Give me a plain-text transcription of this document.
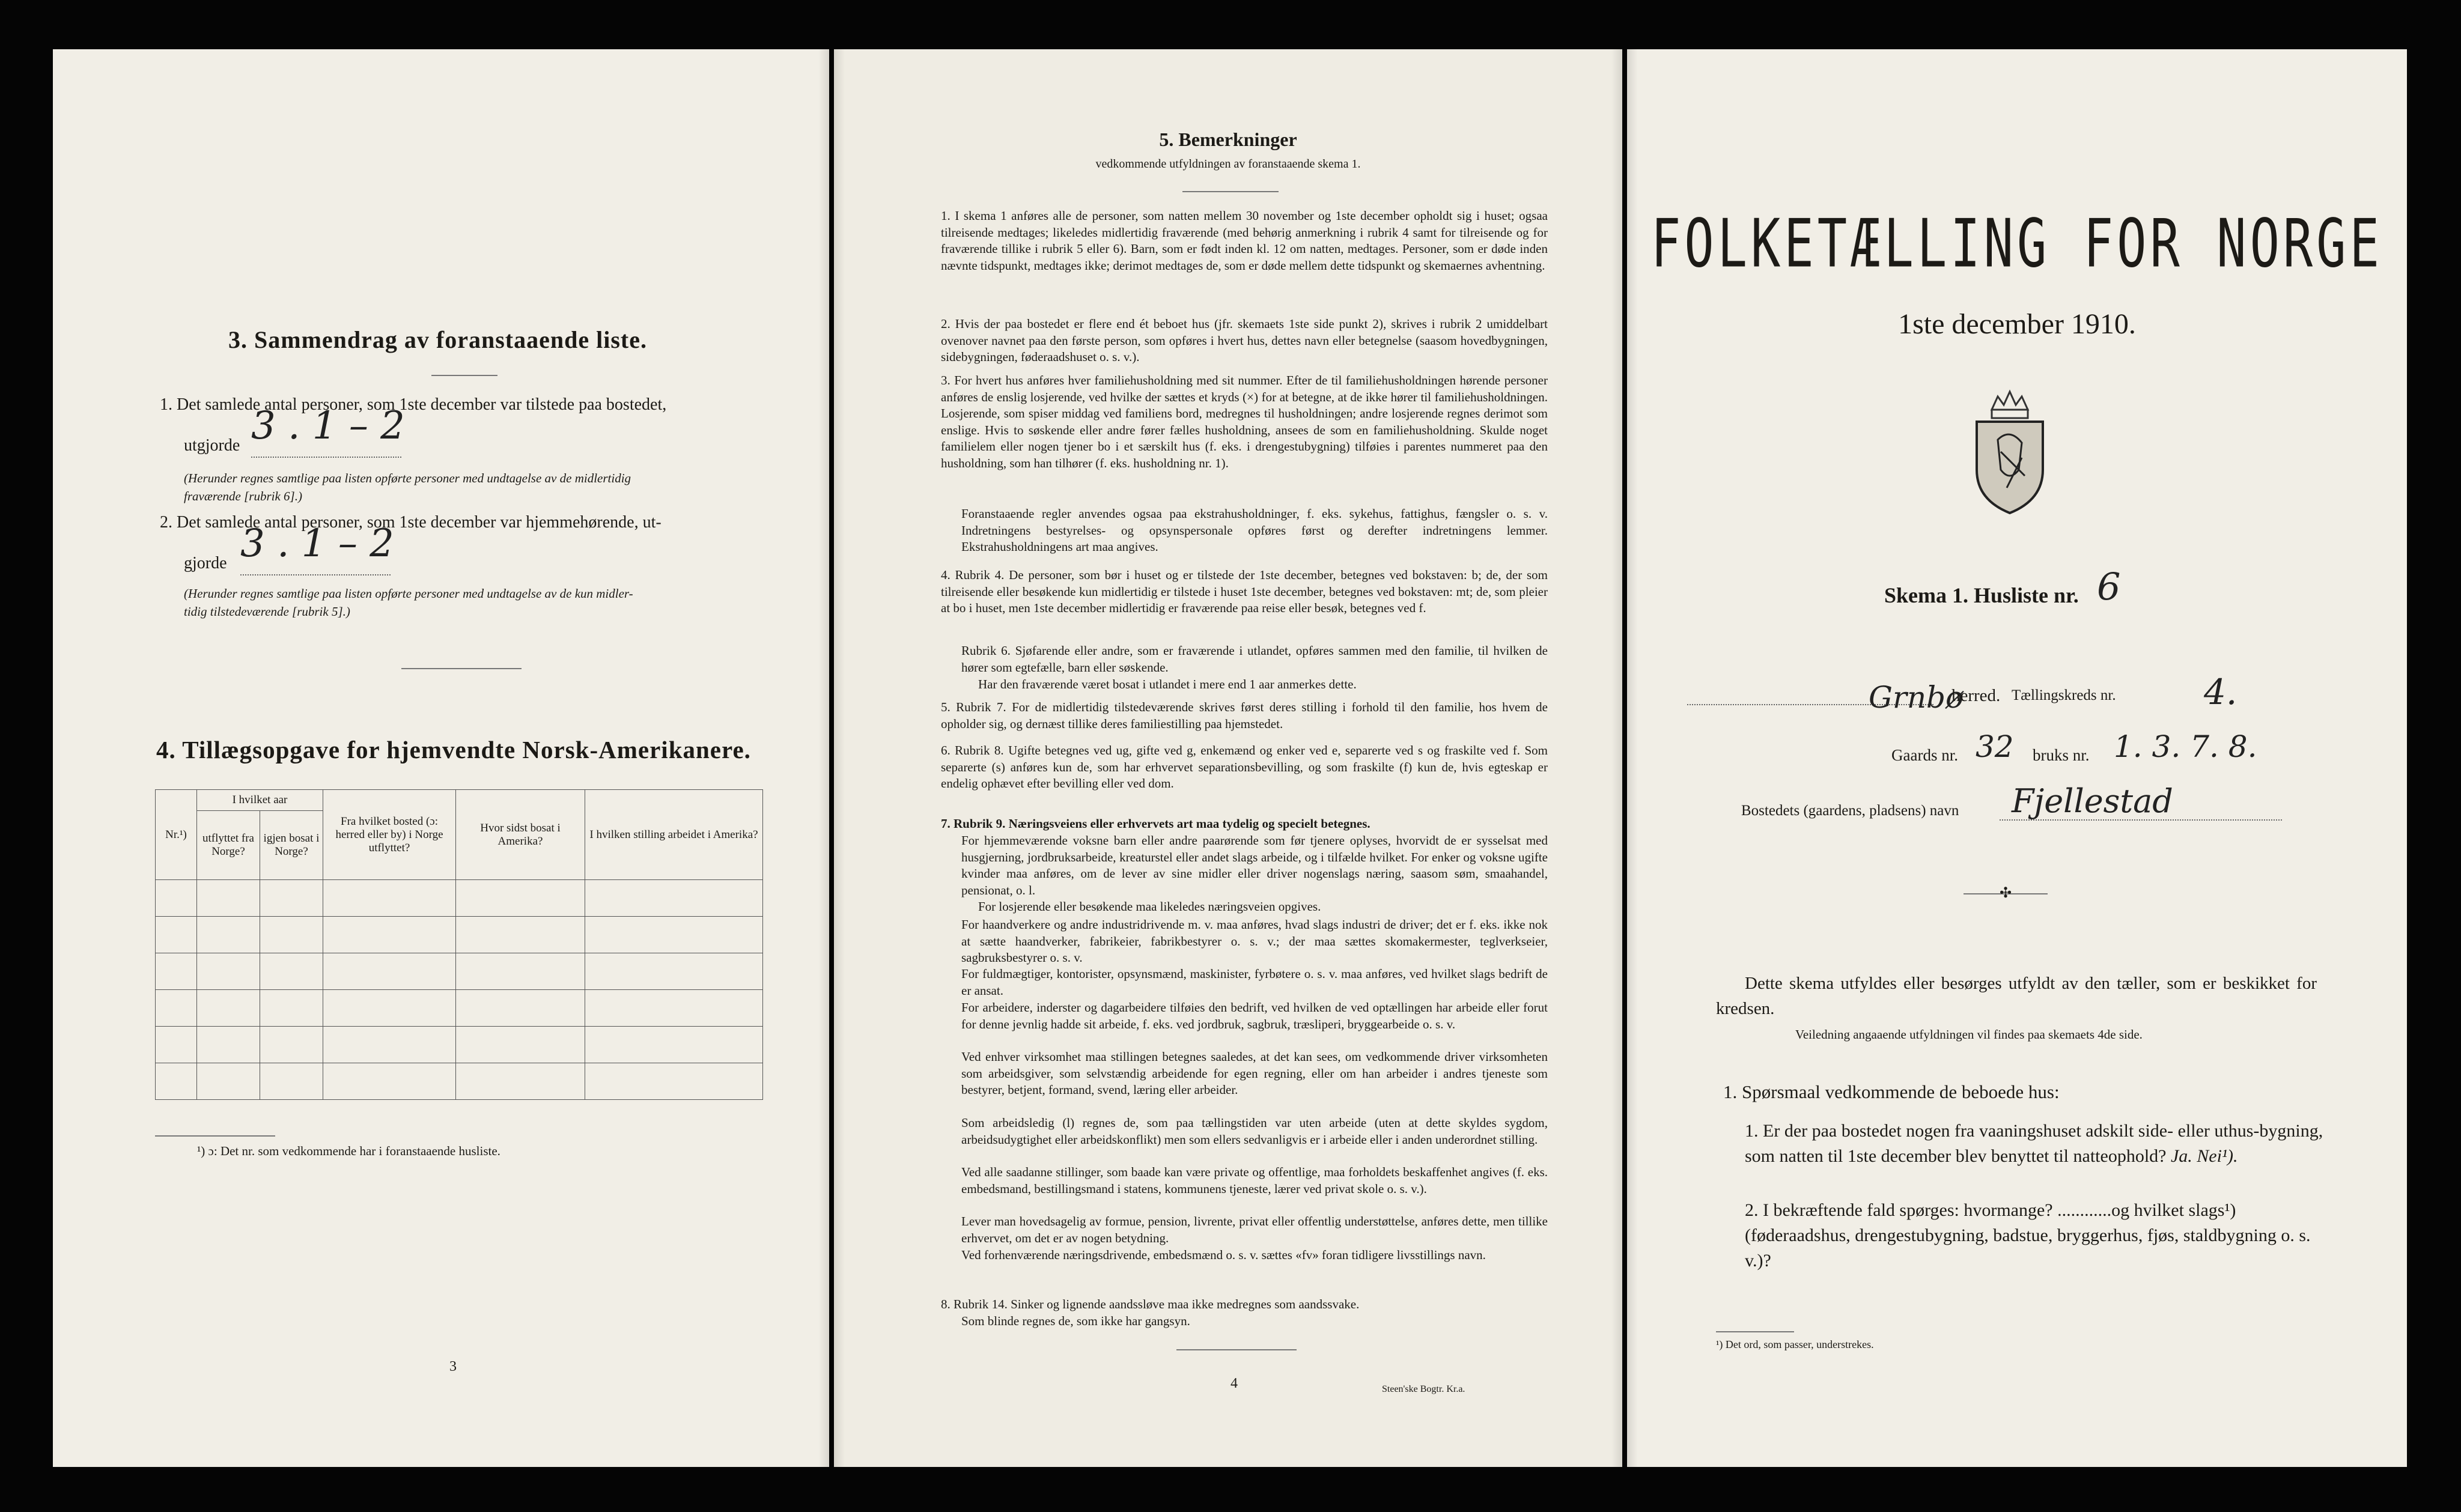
3. Sammendrag av foranstaaende liste.
1. Det samlede antal personer, som 1ste december var tilstede paa bostedet,
utgjorde 3 . 1 – 2
(Herunder regnes samtlige paa listen opførte personer med undtagelse av de midlertidig
fraværende [rubrik 6].)
2. Det samlede antal personer, som 1ste december var hjemmehørende, ut-
gjorde 3 . 1 – 2
(Herunder regnes samtlige paa listen opførte personer med undtagelse av de kun midler-
tidig tilstedeværende [rubrik 5].)
4. Tillægsopgave for hjemvendte Norsk-Amerikanere.
Nr.¹)	I hvilket aar		Fra hvilket bosted (ɔ: herred eller by) i Norge utflyttet?	Hvor sidst bosat i Amerika?	I hvilken stilling arbeidet i Amerika?
	utflyttet fra Norge?	igjen bosat i Norge?			

¹) ɔ: Det nr. som vedkommende har i foranstaaende husliste.
3
5. Bemerkninger
vedkommende utfyldningen av foranstaaende skema 1.
1. I skema 1 anføres alle de personer, som natten mellem 30 november og 1ste december opholdt sig i huset; ogsaa tilreisende medtages; likeledes midlertidig fraværende (med behørig anmerkning i rubrik 4 samt for tilreisende og for fraværende tillike i rubrik 5 eller 6). Barn, som er født inden kl. 12 om natten, medtages. Personer, som er døde inden nævnte tidspunkt, medtages ikke; derimot medtages de, som er døde mellem dette tidspunkt og skemaernes avhentning.
2. Hvis der paa bostedet er flere end ét beboet hus (jfr. skemaets 1ste side punkt 2), skrives i rubrik 2 umiddelbart ovenover navnet paa den første person, som opføres i hvert hus, dettes navn eller betegnelse (saasom hovedbygningen, sidebygningen, føderaadshuset o. s. v.).
3. For hvert hus anføres hver familiehusholdning med sit nummer. Efter de til familiehusholdningen hørende personer anføres de enslig losjerende, ved hvilke der sættes et kryds (×) for at betegne, at de ikke hører til familiehusholdningen. Losjerende, som spiser middag ved familiens bord, medregnes til husholdningen; andre losjerende regnes derimot som enslige. Hvis to søskende eller andre fører fælles husholdning, ansees de som en familiehusholdning. Skulde noget familielem eller nogen tjener bo i et særskilt hus (f. eks. i drengestubygning) tilføies i parentes nummeret paa den husholdning, som han tilhører (f. eks. husholdning nr. 1).
Foranstaaende regler anvendes ogsaa paa ekstrahusholdninger, f. eks. sykehus, fattighus, fængsler o. s. v. Indretningens bestyrelses- og opsynspersonale opføres først og derefter indretningens lemmer. Ekstrahusholdningens art maa angives.
4. Rubrik 4. De personer, som bør i huset og er tilstede der 1ste december, betegnes ved bokstaven: b; de, der som tilreisende eller besøkende kun midlertidig er tilstede i huset 1ste december, betegnes ved bokstaven: mt; de, som pleier at bo i huset, men 1ste december midlertidig er fraværende paa reise eller besøk, betegnes ved f.
Rubrik 6. Sjøfarende eller andre, som er fraværende i utlandet, opføres sammen med den familie, til hvilken de hører som egtefælle, barn eller søskende.
Har den fraværende været bosat i utlandet i mere end 1 aar anmerkes dette.
5. Rubrik 7. For de midlertidig tilstedeværende skrives først deres stilling i forhold til den familie, hos hvem de opholder sig, og dernæst tillike deres familiestilling paa hjemstedet.
6. Rubrik 8. Ugifte betegnes ved ug, gifte ved g, enkemænd og enker ved e, separerte ved s og fraskilte ved f. Som separerte (s) anføres kun de, som har erhvervet separationsbevilling, og som fraskilte (f) kun de, hvis egteskap er endelig ophævet efter bevilling eller ved dom.
7. Rubrik 9. Næringsveiens eller erhvervets art maa tydelig og specielt betegnes.
For hjemmeværende voksne barn eller andre paarørende som før tjenere oplyses, hvorvidt de er sysselsat med husgjerning, jordbruksarbeide, kreaturstel eller andet slags arbeide, og i tilfælde hvilket. For enker og voksne ugifte kvinder maa anføres, om de lever av sine midler eller driver nogenslags næring, saasom søm, smaahandel, pensionat, o. l.
For losjerende eller besøkende maa likeledes næringsveien opgives.
For haandverkere og andre industridrivende m. v. maa anføres, hvad slags industri de driver; det er f. eks. ikke nok at sætte haandverker, fabrikeier, fabrikbestyrer o. s. v.; der maa sættes skomakermester, teglverkseier, sagbruksbestyrer o. s. v.
For fuldmægtiger, kontorister, opsynsmænd, maskinister, fyrbøtere o. s. v. maa anføres, ved hvilket slags bedrift de er ansat.
For arbeidere, inderster og dagarbeidere tilføies den bedrift, ved hvilken de ved optællingen har arbeide eller forut for denne jevnlig hadde sit arbeide, f. eks. ved jordbruk, sagbruk, træsliperi, bryggearbeide o. s. v.
Ved enhver virksomhet maa stillingen betegnes saaledes, at det kan sees, om vedkommende driver virksomheten som arbeidsgiver, som selvstændig arbeidende for egen regning, eller om han arbeider i andres tjeneste som bestyrer, betjent, formand, svend, læring eller arbeider.
Som arbeidsledig (l) regnes de, som paa tællingstiden var uten arbeide (uten at dette skyldes sygdom, arbeidsudygtighet eller arbeidskonflikt) men som ellers sedvanligvis er i arbeide eller i anden underordnet stilling.
Ved alle saadanne stillinger, som baade kan være private og offentlige, maa forholdets beskaffenhet angives (f. eks. embedsmand, bestillingsmand i statens, kommunens tjeneste, lærer ved privat skole o. s. v.).
Lever man hovedsagelig av formue, pension, livrente, privat eller offentlig understøttelse, anføres dette, men tillike erhvervet, om det er av nogen betydning.
Ved forhenværende næringsdrivende, embedsmænd o. s. v. sættes «fv» foran tidligere livsstillings navn.
8. Rubrik 14. Sinker og lignende aandssløve maa ikke medregnes som aandssvake.
Som blinde regnes de, som ikke har gangsyn.
4	Steen'ske Bogtr. Kr.a.
FOLKETÆLLING FOR NORGE
1ste december 1910.
Skema 1. Husliste nr. 6
Grnbø
herred. Tællingskreds nr.	4.
Gaards nr. 32 bruks nr. 1. 3. 7. 8.
Bostedets (gaardens, pladsens) navn Fjellestad
✣
Dette skema utfyldes eller besørges utfyldt av den tæller, som er beskikket for kredsen.
Veiledning angaaende utfyldningen vil findes paa skemaets 4de side.
1. Spørsmaal vedkommende de beboede hus:
1. Er der paa bostedet nogen fra vaaningshuset adskilt side- eller uthus-bygning, som natten til 1ste december blev benyttet til natteophold? Ja. Nei¹).
2. I bekræftende fald spørges: hvormange? ............og hvilket slags¹) (føderaadshus, drengestubygning, badstue, bryggerhus, fjøs, staldbygning o. s. v.)?
¹) Det ord, som passer, understrekes.
